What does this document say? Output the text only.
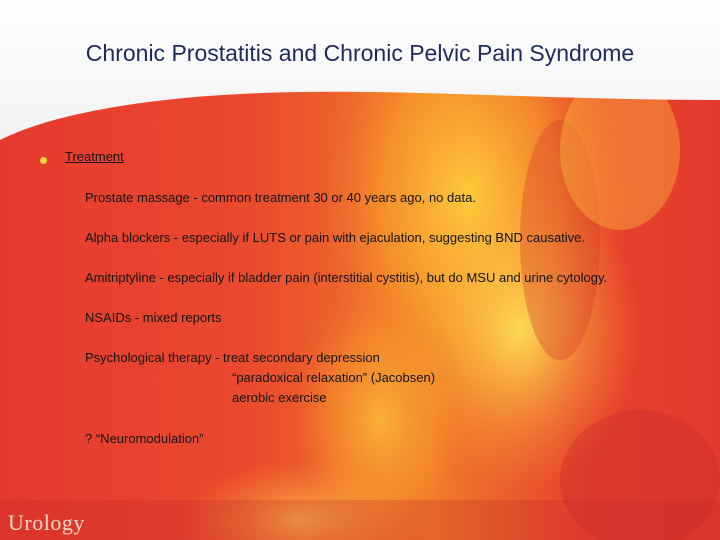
Chronic Prostatitis and Chronic Pelvic Pain Syndrome
Treatment
Prostate massage - common treatment 30 or 40 years ago, no data.
Alpha blockers - especially if LUTS or pain with ejaculation, suggesting BND causative.
Amitriptyline - especially if bladder pain (interstitial cystitis), but do MSU and urine cytology.
NSAIDs - mixed reports
Psychological therapy - treat secondary depression
“paradoxical relaxation” (Jacobsen)
aerobic exercise
? “Neuromodulation”
Urology
